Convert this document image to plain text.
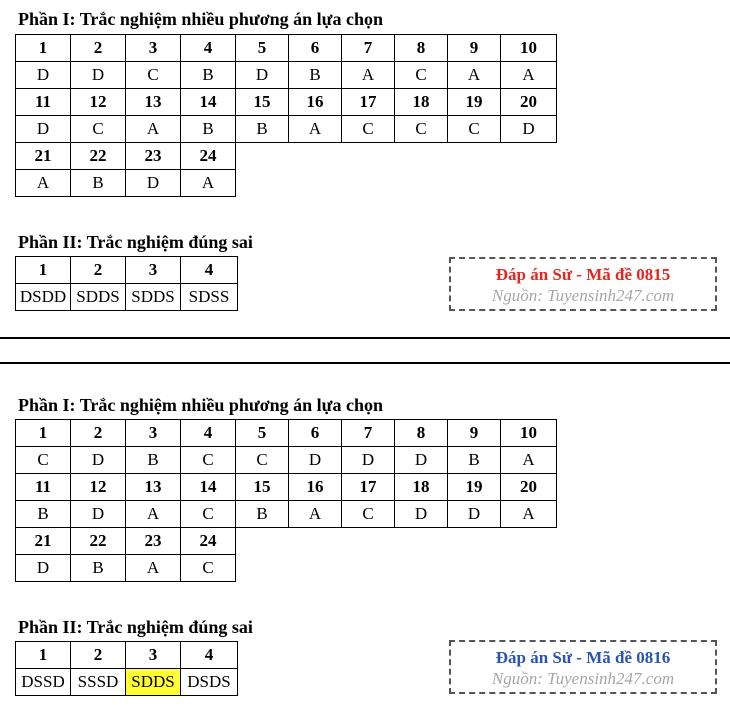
Phần I: Trắc nghiệm nhiều phương án lựa chọn
1	2	3	4	5	6	7	8	9	10
D	D	C	B	D	B	A	C	A	A
11	12	13	14	15	16	17	18	19	20
D	C	A	B	B	A	C	C	C	D
21	22	23	24						
A	B	D	A						
Phần II: Trắc nghiệm đúng sai
1	2	3	4
DSDD	SDDS	SDDS	SDSS
Đáp án Sử - Mã đề 0815
Nguồn: Tuyensinh247.com
Phần I: Trắc nghiệm nhiều phương án lựa chọn
1	2	3	4	5	6	7	8	9	10
C	D	B	C	C	D	D	D	B	A
11	12	13	14	15	16	17	18	19	20
B	D	A	C	B	A	C	D	D	A
21	22	23	24						
D	B	A	C						
Phần II: Trắc nghiệm đúng sai
1	2	3	4
DSSD	SSSD	SDDS	DSDS
Đáp án Sử - Mã đề 0816
Nguồn: Tuyensinh247.com
